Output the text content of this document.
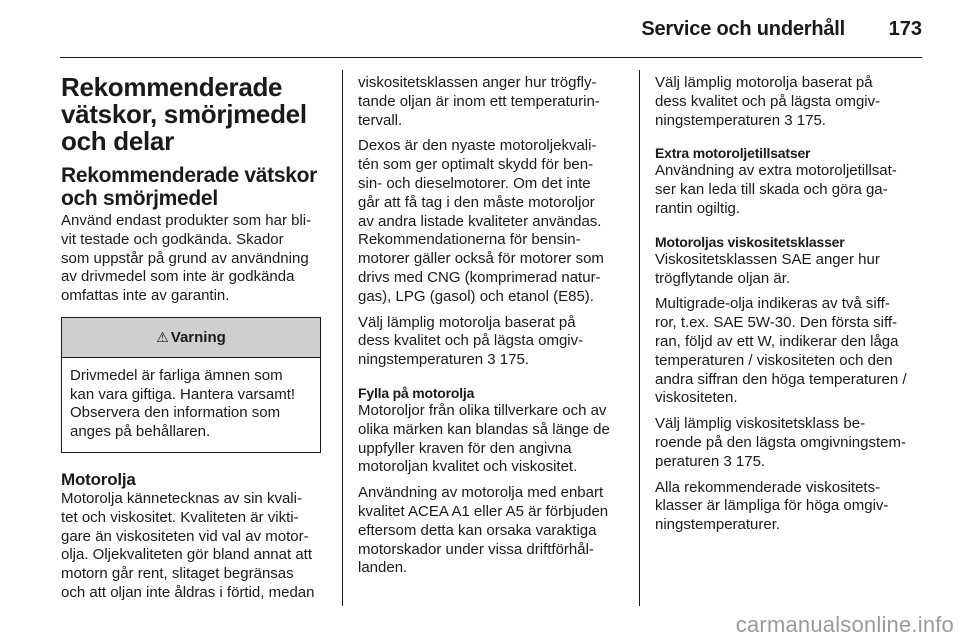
Service och underhåll 173
Rekommenderade
vätskor, smörjmedel
och delar
Rekommenderade vätskor
och smörjmedel

Använd endast produkter som har bli-
vit testade och godkända. Skador
som uppstår på grund av användning
av drivmedel som inte är godkända
omfattas inte av garantin.

⚠ Varning
Drivmedel är farliga ämnen som
kan vara giftiga. Hantera varsamt!
Observera den information som
anges på behållaren.
Motorolja

Motorolja kännetecknas av sin kvali-
tet och viskositet. Kvaliteten är vikti-
gare än viskositeten vid val av motor-
olja. Oljekvaliteten gör bland annat att
motorn går rent, slitaget begränsas
och att oljan inte åldras i förtid, medan

viskositetsklassen anger hur trögfly-
tande oljan är inom ett temperaturin-
tervall.

Dexos är den nyaste motoroljekvali-
tén som ger optimalt skydd för ben-
sin- och dieselmotorer. Om det inte
går att få tag i den måste motoroljor
av andra listade kvaliteter användas.
Rekommendationerna för bensin-
motorer gäller också för motorer som
drivs med CNG (komprimerad natur-
gas), LPG (gasol) och etanol (E85).

Välj lämplig motorolja baserat på
dess kvalitet och på lägsta omgiv-
ningstemperaturen 3 175.

Fylla på motorolja

Motoroljor från olika tillverkare och av
olika märken kan blandas så länge de
uppfyller kraven för den angivna
motoroljan kvalitet och viskositet.

Användning av motorolja med enbart
kvalitet ACEA A1 eller A5 är förbjuden
eftersom detta kan orsaka varaktiga
motorskador under vissa driftförhål-
landen.

Välj lämplig motorolja baserat på
dess kvalitet och på lägsta omgiv-
ningstemperaturen 3 175.

Extra motoroljetillsatser

Användning av extra motoroljetillsat-
ser kan leda till skada och göra ga-
rantin ogiltig.

Motoroljas viskositetsklasser

Viskositetsklassen SAE anger hur
trögflytande oljan är.

Multigrade-olja indikeras av två siff-
ror, t.ex. SAE 5W-30. Den första siff-
ran, följd av ett W, indikerar den låga
temperaturen / viskositeten och den
andra siffran den höga temperaturen /
viskositeten.

Välj lämplig viskositetsklass be-
roende på den lägsta omgivningstem-
peraturen 3 175.

Alla rekommenderade viskositets-
klasser är lämpliga för höga omgiv-
ningstemperaturer.

carmanualsonline.info
